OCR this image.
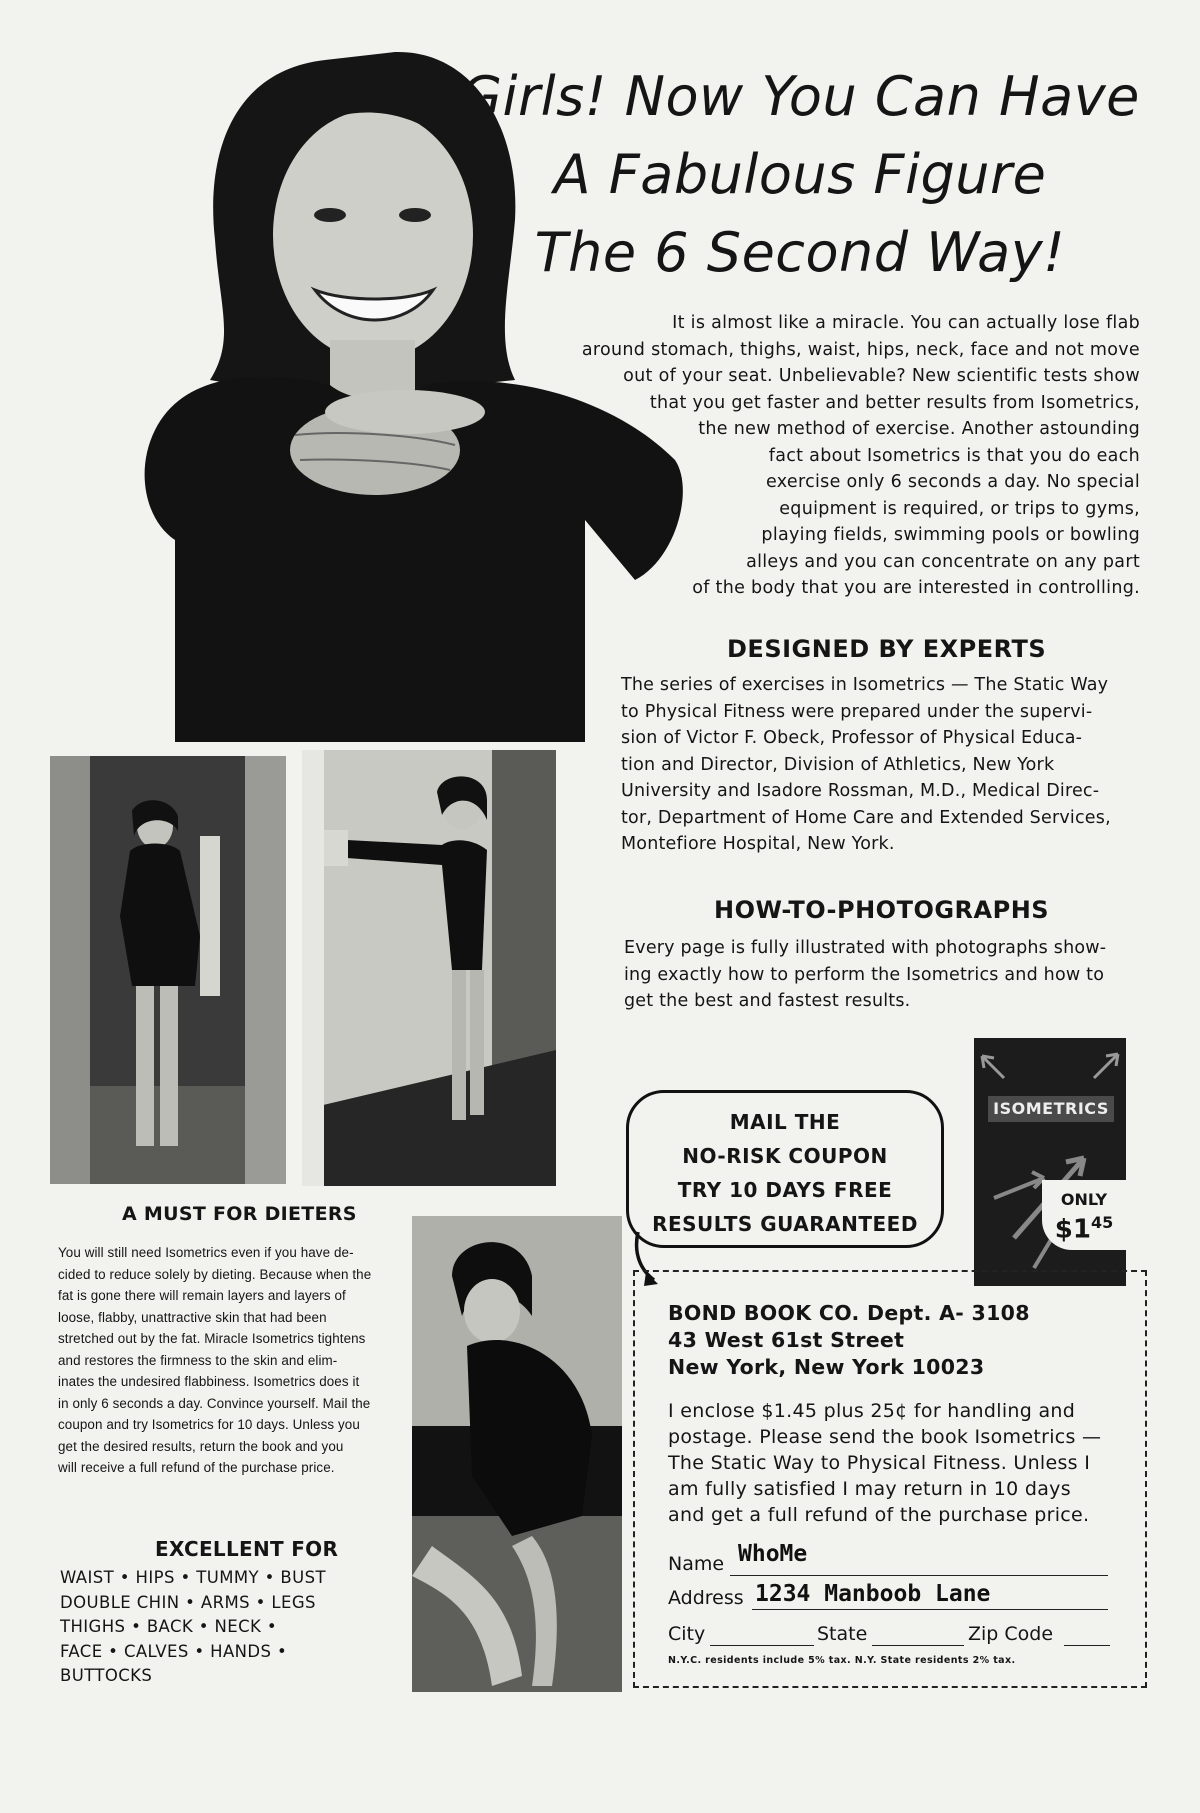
Girls! Now You Can Have
A Fabulous Figure
The 6 Second Way!
It is almost like a miracle. You can actually lose flab
around stomach, thighs, waist, hips, neck, face and not move
out of your seat. Unbelievable? New scientific tests show
that you get faster and better results from Isometrics,
the new method of exercise. Another astounding
fact about Isometrics is that you do each
exercise only 6 seconds a day. No special
equipment is required, or trips to gyms,
playing fields, swimming pools or bowling
alleys and you can concentrate on any part
of the body that you are interested in controlling.
DESIGNED BY EXPERTS
The series of exercises in Isometrics — The Static Way
to Physical Fitness were prepared under the supervi-
sion of Victor F. Obeck, Professor of Physical Educa-
tion and Director, Division of Athletics, New York
University and Isadore Rossman, M.D., Medical Direc-
tor, Department of Home Care and Extended Services,
Montefiore Hospital, New York.
HOW-TO-PHOTOGRAPHS
Every page is fully illustrated with photographs show-
ing exactly how to perform the Isometrics and how to
get the best and fastest results.
A MUST FOR DIETERS
You will still need Isometrics even if you have de-
cided to reduce solely by dieting. Because when the
fat is gone there will remain layers and layers of
loose, flabby, unattractive skin that had been
stretched out by the fat. Miracle Isometrics tightens
and restores the firmness to the skin and elim-
inates the undesired flabbiness. Isometrics does it
in only 6 seconds a day. Convince yourself. Mail the
coupon and try Isometrics for 10 days. Unless you
get the desired results, return the book and you
will receive a full refund of the purchase price.
EXCELLENT FOR
WAIST • HIPS • TUMMY • BUST
DOUBLE CHIN • ARMS • LEGS
THIGHS • BACK • NECK •
FACE • CALVES • HANDS •
BUTTOCKS
MAIL THE
NO-RISK COUPON
TRY 10 DAYS FREE
RESULTS GUARANTEED
ISOMETRICS
ONLY
$\$1^{45}$
BOND BOOK CO. Dept. A- 3108
43 West 61st Street
New York, New York 10023
I enclose $1.45 plus 25¢ for handling and
postage. Please send the book Isometrics —
The Static Way to Physical Fitness. Unless I
am fully satisfied I may return in 10 days
and get a full refund of the purchase price.
Name WhoMe
Address 1234 Manboob Lane
City	State	Zip Code
N.Y.C. residents include 5% tax. N.Y. State residents 2% tax.
